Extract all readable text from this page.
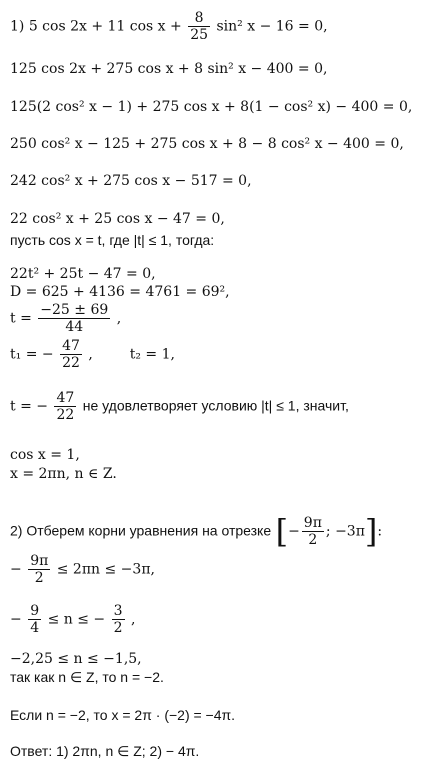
1) 5 cos 2x + 11 $\cos x + \frac{8}{25} \sin^2$ x − 16 = 0,
125 cos 2x + 275 cos x + 8 sin² x − 400 = 0,
125(2 cos² x − 1) + 275 cos x + 8(1 − cos² x) − 400 = 0,
250 cos² x − 125 + 275 cos x + 8 − 8 cos² x − 400 = 0,
242 cos² x + 275 cos x − 517 = 0,
22 cos² x + 25 cos x − 47 = 0,
пусть cos x = t, где |t| ≤ 1, тогда:
22t² + 25t − 47 = 0,
D = 625 + 4136 = 4761 = 69²,
$t = \frac{-25 \pm 69}{44}$ ,
t₁ = − $\frac{47}{22}$ ,	t₂ = 1,
t = − $\frac{47}{22}$ не удовлетворяет условию |t| ≤ 1, значит,
cos x = 1,
x = 2πn, n ∈ Z.
2) Отберем корни уравнения на отрезке [− $\frac{9\pi}{2}$ ; −3π]:
− $\frac{9\pi}{2} \le 2\pi n \le -3\pi$,
− $\frac{9}{4} \le n$ ≤ − $\frac{3}{2}$ ,
−2,25 ≤ n ≤ −1,5,
так как n ∈ Z, то n = −2.
Если n = −2, то x = 2π · (−2) = −4π.
Ответ: 1) 2πn, n ∈ Z; 2) − 4π.
